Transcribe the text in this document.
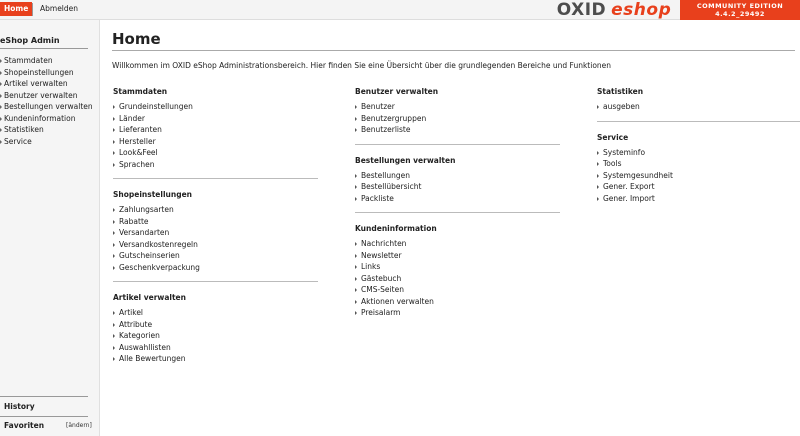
Home	Abmelden	OXID eshop	COMMUNITY EDITION
4.4.2_29492
eShop Admin
Stammdaten
Shopeinstellungen
Artikel verwalten
Benutzer verwalten
Bestellungen verwalten
Kundeninformation
Statistiken
Service
History
Favoriten	[ändern]
Home
Willkommen im OXID eShop Administrationsbereich. Hier finden Sie eine Übersicht über die grundlegenden Bereiche und Funktionen
Stammdaten
Grundeinstellungen
Länder
Lieferanten
Hersteller
Look&Feel
Sprachen
Shopeinstellungen
Zahlungsarten
Rabatte
Versandarten
Versandkostenregeln
Gutscheinserien
Geschenkverpackung
Artikel verwalten
Artikel
Attribute
Kategorien
Auswahllisten
Alle Bewertungen
Benutzer verwalten
Benutzer
Benutzergruppen
Benutzerliste
Bestellungen verwalten
Bestellungen
Bestellübersicht
Packliste
Kundeninformation
Nachrichten
Newsletter
Links
Gästebuch
CMS-Seiten
Aktionen verwalten
Preisalarm
Statistiken
ausgeben
Service
Systeminfo
Tools
Systemgesundheit
Gener. Export
Gener. Import
